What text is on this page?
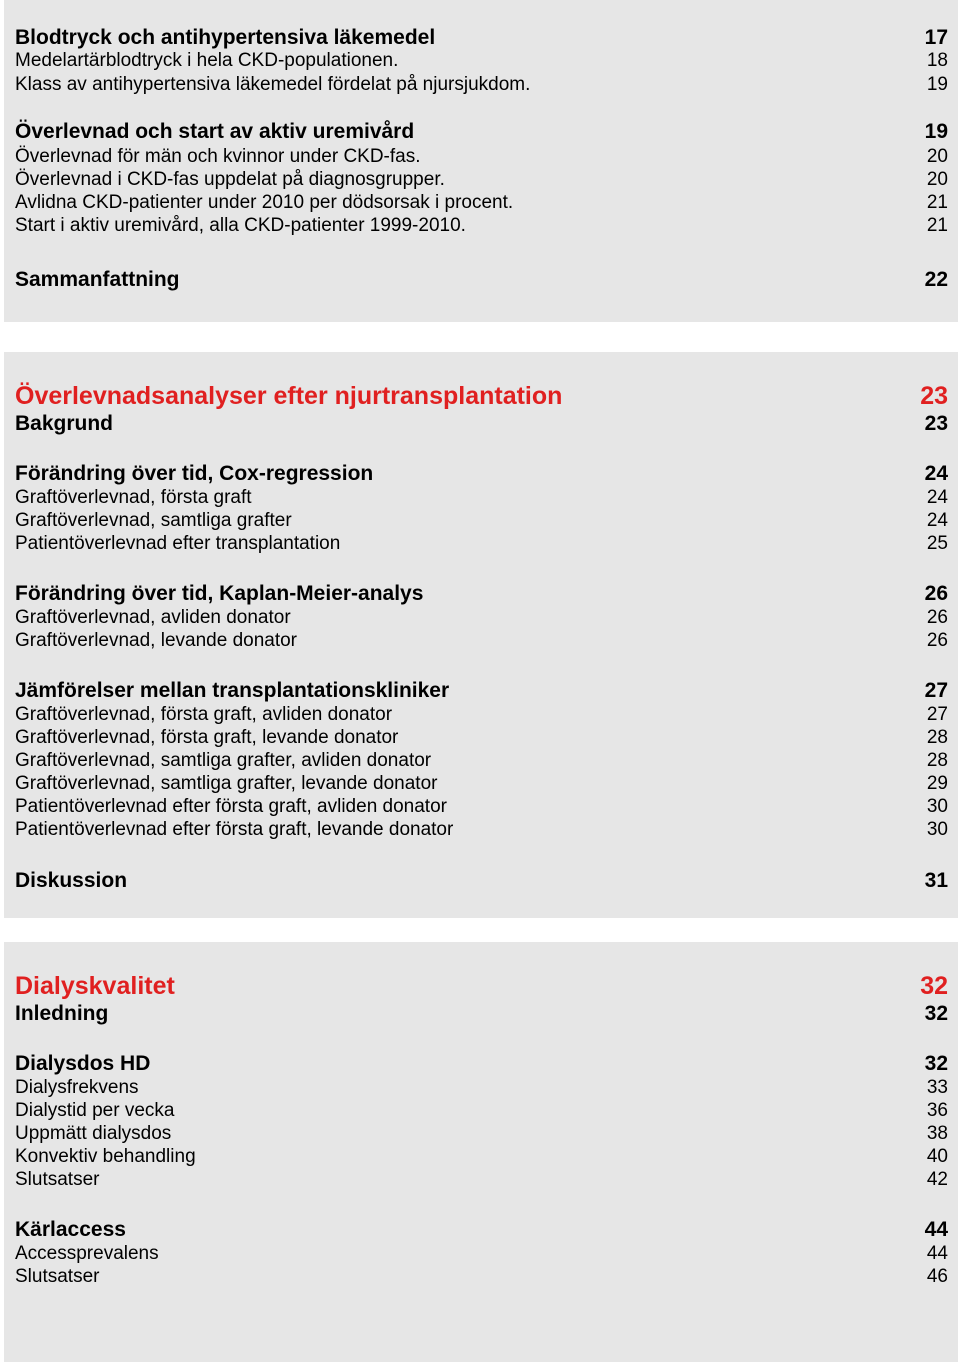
Blodtryck och antihypertensiva läkemedel	17
Medelartärblodtryck i hela CKD-populationen.	18
Klass av antihypertensiva läkemedel fördelat på njursjukdom.	19
Överlevnad och start av aktiv uremivård	19
Överlevnad för män och kvinnor under CKD-fas.	20
Överlevnad i CKD-fas uppdelat på diagnosgrupper.	20
Avlidna CKD-patienter under 2010 per dödsorsak i procent.	21
Start i aktiv uremivård, alla CKD-patienter 1999-2010.	21
Sammanfattning	22
Överlevnadsanalyser efter njurtransplantation	23
Bakgrund	23
Förändring över tid, Cox-regression	24
Graftöverlevnad, första graft	24
Graftöverlevnad, samtliga grafter	24
Patientöverlevnad efter transplantation	25
Förändring över tid, Kaplan-Meier-analys	26
Graftöverlevnad, avliden donator	26
Graftöverlevnad, levande donator	26
Jämförelser mellan transplantationskliniker	27
Graftöverlevnad, första graft, avliden donator	27
Graftöverlevnad, första graft, levande donator	28
Graftöverlevnad, samtliga grafter, avliden donator	28
Graftöverlevnad, samtliga grafter, levande donator	29
Patientöverlevnad efter första graft, avliden donator	30
Patientöverlevnad efter första graft, levande donator	30
Diskussion	31
Dialyskvalitet	32
Inledning	32
Dialysdos HD	32
Dialysfrekvens	33
Dialystid per vecka	36
Uppmätt dialysdos	38
Konvektiv behandling	40
Slutsatser	42
Kärlaccess	44
Accessprevalens	44
Slutsatser	46
